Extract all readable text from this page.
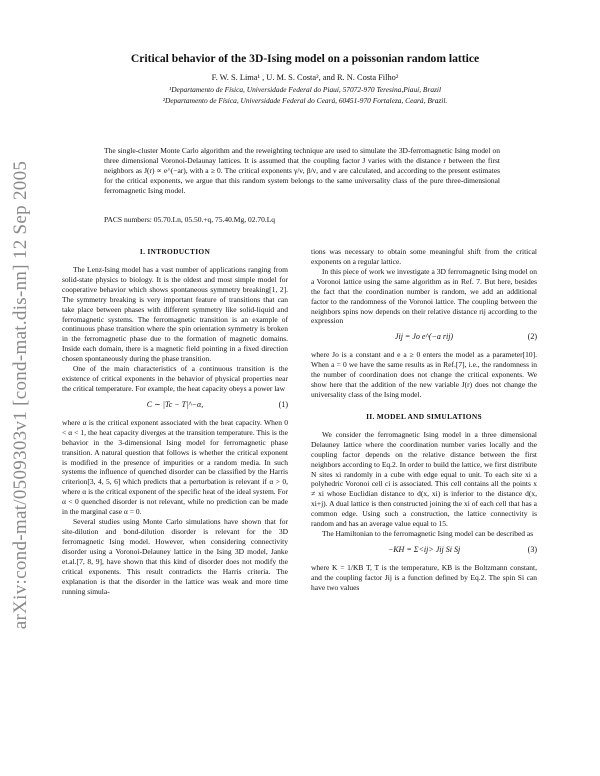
arXiv:cond-mat/0509303v1 [cond-mat.dis-nn] 12 Sep 2005
Critical behavior of the 3D-Ising model on a poissonian random lattice
F. W. S. Lima¹ , U. M. S. Costa², and R. N. Costa Filho²
¹Departamento de Física, Universidade Federal do Piauí, 57072-970 Teresina,Piauí, Brazil
²Departamento de Física, Universidade Federal do Ceará, 60451-970 Fortaleza, Ceará, Brazil.
The single-cluster Monte Carlo algorithm and the reweighting technique are used to simulate the 3D-ferromagnetic Ising model on three dimensional Voronoi-Delaunay lattices. It is assumed that the coupling factor J varies with the distance r between the first neighbors as J(r) ∝ e^(−ar), with a ≥ 0. The critical exponents γ/ν, β/ν, and ν are calculated, and according to the present estimates for the critical exponents, we argue that this random system belongs to the same universality class of the pure three-dimensional ferromagnetic Ising model.
PACS numbers: 05.70.Ln, 05.50.+q, 75.40.Mg, 02.70.Lq
I. INTRODUCTION

The Lenz-Ising model has a vast number of applications ranging from solid-state physics to biology. It is the oldest and most simple model for cooperative behavior which shows spontaneous symmetry breaking[1, 2]. The symmetry breaking is very important feature of transitions that can take place between phases with different symmetry like solid-liquid and ferromagnetic systems. The ferromagnetic transition is an example of continuous phase transition where the spin orientation symmetry is broken in the ferromagnetic phase due to the formation of magnetic domains. Inside each domain, there is a magnetic field pointing in a fixed direction chosen spontaneously during the phase transition.

One of the main characteristics of a continuous transition is the existence of critical exponents in the behavior of physical properties near the critical temperature. For example, the heat capacity obeys a power law

C ∼ |Tc − T|^−α,	(1)

where α is the critical exponent associated with the heat capacity. When 0 < α < 1, the heat capacity diverges at the transition temperature. This is the behavior in the 3-dimensional Ising model for ferromagnetic phase transition. A natural question that follows is whether the critical exponent is modified in the presence of impurities or a random media. In such systems the influence of quenched disorder can be classified by the Harris criterion[3, 4, 5, 6] which predicts that a perturbation is relevant if α > 0, where α is the critical exponent of the specific heat of the ideal system. For α < 0 quenched disorder is not relevant, while no prediction can be made in the marginal case α = 0.

Several studies using Monte Carlo simulations have shown that for site-dilution and bond-dilution disorder is relevant for the 3D ferromagnetic Ising model. However, when considering connectivity disorder using a Voronoi-Delauney lattice in the Ising 3D model, Janke et.al.[7, 8, 9], have shown that this kind of disorder does not modify the critical exponents. This result contradicts the Harris criteria. The explanation is that the disorder in the lattice was weak and more time running simula-

tions was necessary to obtain some meaningful shift from the critical exponents on a regular lattice.

In this piece of work we investigate a 3D ferromagnetic Ising model on a Voronoi lattice using the same algorithm as in Ref. 7. But here, besides the fact that the coordination number is random, we add an additional factor to the randomness of the Voronoi lattice. The coupling between the neighbors spins now depends on their relative distance rij according to the expression

Jij = Jo e^(−a rij)	(2)

where Jo is a constant and e a ≥ 0 enters the model as a parameter[10]. When a = 0 we have the same results as in Ref.[7], i.e., the randomness in the number of coordination does not change the critical exponents. We show here that the addition of the new variable J(r) does not change the universality class of the Ising model.

II. MODEL AND SIMULATIONS

We consider the ferromagnetic Ising model in a three dimensional Delauney lattice where the coordination number varies locally and the coupling factor depends on the relative distance between the first neighbors according to Eq.2. In order to build the lattice, we first distribute N sites xi randomly in a cube with edge equal to unit. To each site xi a polyhedric Voronoi cell ci is associated. This cell contains all the points x ≠ xi whose Euclidian distance to d(x, xi) is inferior to the distance d(x, xi+j). A dual lattice is then constructed joining the xi of each cell that has a common edge. Using such a construction, the lattice connectivity is random and has an average value equal to 15.

The Hamiltonian to the ferromagnetic Ising model can be described as

−KH = Σ<ij> Jij Si Sj	(3)

where K = 1/KB T, T is the temperature, KB is the Boltzmann constant, and the coupling factor Jij is a function defined by Eq.2. The spin Si can have two values
